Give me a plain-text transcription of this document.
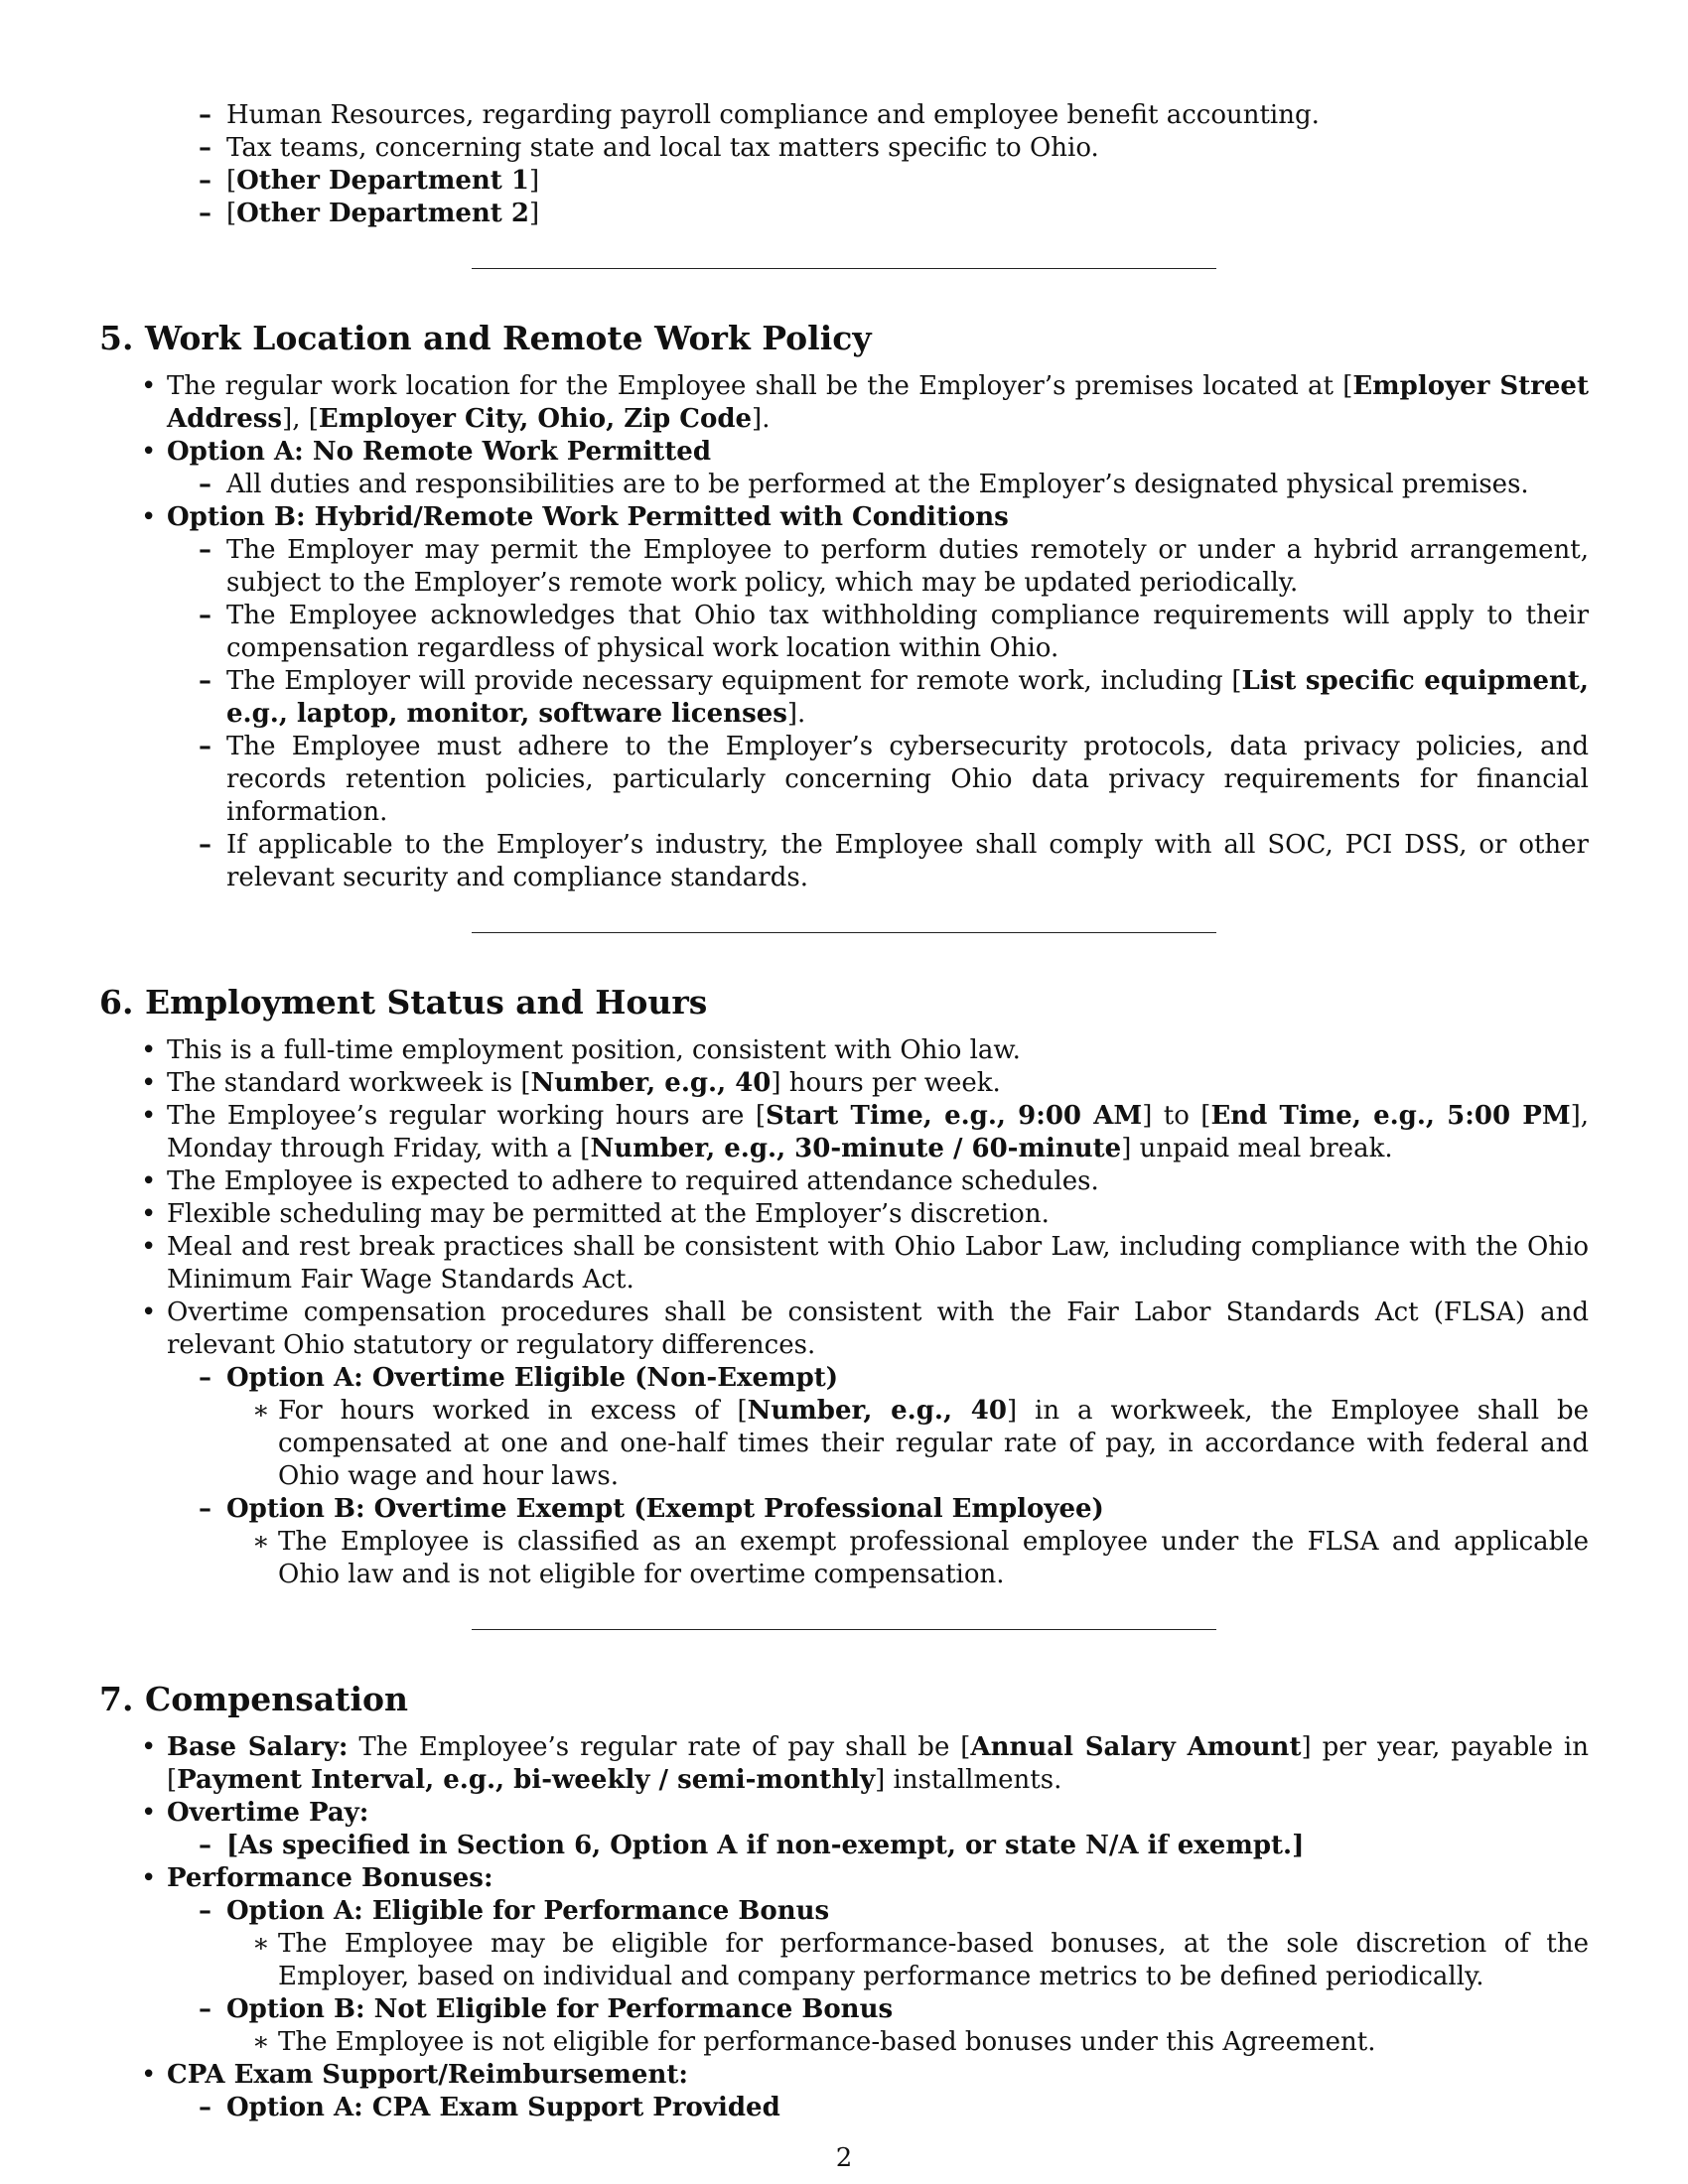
– Human Resources, regarding payroll compliance and employee benefit accounting.
– Tax teams, concerning state and local tax matters specific to Ohio.
– [Other Department 1]
– [Other Department 2]
5. Work Location and Remote Work Policy
• The regular work location for the Employee shall be the Employer’s premises located at [Employer Street Address], [Employer City, Ohio, Zip Code].
• Option A: No Remote Work Permitted
– All duties and responsibilities are to be performed at the Employer’s designated physical premises.
• Option B: Hybrid/Remote Work Permitted with Conditions
– The Employer may permit the Employee to perform duties remotely or under a hybrid arrangement, subject to the Employer’s remote work policy, which may be updated periodically.
– The Employee acknowledges that Ohio tax withholding compliance requirements will apply to their compensation regardless of physical work location within Ohio.
– The Employer will provide necessary equipment for remote work, including [List specific equipment, e.g., laptop, monitor, software licenses].
– The Employee must adhere to the Employer’s cybersecurity protocols, data privacy policies, and records retention policies, particularly concerning Ohio data privacy requirements for financial information.
– If applicable to the Employer’s industry, the Employee shall comply with all SOC, PCI DSS, or other relevant security and compliance standards.
6. Employment Status and Hours
• This is a full-time employment position, consistent with Ohio law.
• The standard workweek is [Number, e.g., 40] hours per week.
• The Employee’s regular working hours are [Start Time, e.g., 9:00 AM] to [End Time, e.g., 5:00 PM], Monday through Friday, with a [Number, e.g., 30-minute / 60-minute] unpaid meal break.
• The Employee is expected to adhere to required attendance schedules.
• Flexible scheduling may be permitted at the Employer’s discretion.
• Meal and rest break practices shall be consistent with Ohio Labor Law, including compliance with the Ohio Minimum Fair Wage Standards Act.
• Overtime compensation procedures shall be consistent with the Fair Labor Standards Act (FLSA) and relevant Ohio statutory or regulatory differences.
– Option A: Overtime Eligible (Non-Exempt)
∗ For hours worked in excess of [Number, e.g., 40] in a workweek, the Employee shall be compensated at one and one-half times their regular rate of pay, in accordance with federal and Ohio wage and hour laws.
– Option B: Overtime Exempt (Exempt Professional Employee)
∗ The Employee is classified as an exempt professional employee under the FLSA and applicable Ohio law and is not eligible for overtime compensation.
7. Compensation
• Base Salary: The Employee’s regular rate of pay shall be [Annual Salary Amount] per year, payable in [Payment Interval, e.g., bi-weekly / semi-monthly] installments.
• Overtime Pay:
– [As specified in Section 6, Option A if non-exempt, or state N/A if exempt.]
• Performance Bonuses:
– Option A: Eligible for Performance Bonus
∗ The Employee may be eligible for performance-based bonuses, at the sole discretion of the Employer, based on individual and company performance metrics to be defined periodically.
– Option B: Not Eligible for Performance Bonus
∗ The Employee is not eligible for performance-based bonuses under this Agreement.
• CPA Exam Support/Reimbursement:
– Option A: CPA Exam Support Provided
2
